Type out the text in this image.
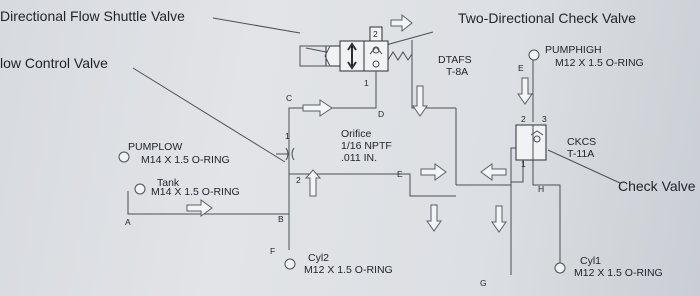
Directional Flow Shuttle Valve	Two-Directional Check Valve
low Control Valve
Check Valve
PUMPLOW
M14 X 1.5 O-RING
Tank
M14 X 1.5 O-RING
Orifice
1/16 NPTF
.011 IN.
DTAFS
T-8A
PUMPHIGH
M12 X 1.5 O-RING
CKCS
T-11A
Cyl2
M12 X 1.5 O-RING
Cyl1
M12 X 1.5 O-RING
A	B
C
D
E
E
F
G
H
1
2
1
2
2 3
1
